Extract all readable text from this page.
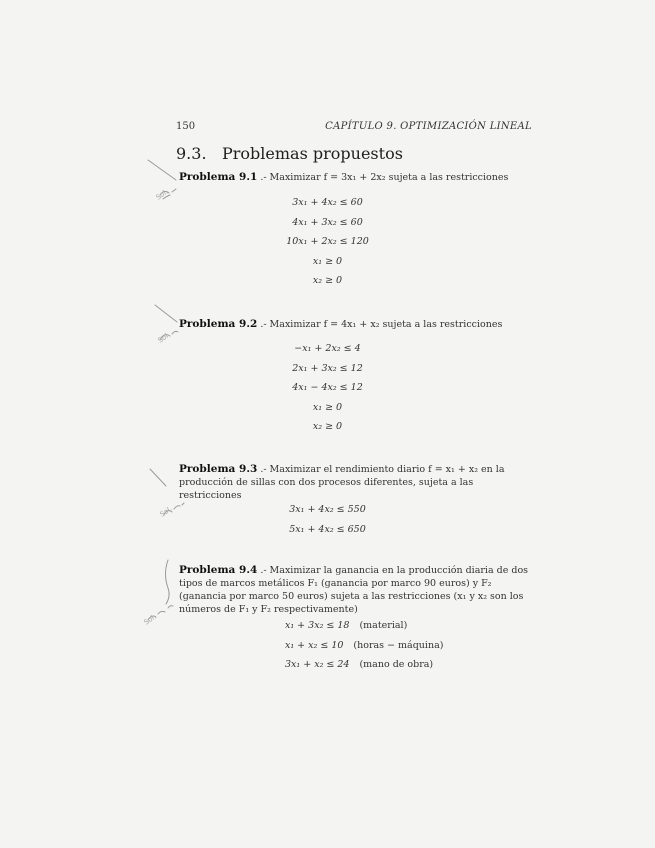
150	CAPÍTULO 9. OPTIMIZACIÓN LINEAL
9.3. Problemas propuestos
Problema 9.1 .- Maximizar f = 3x₁ + 2x₂ sujeta a las restricciones
3x₁ + 4x₂ ≤ 60
4x₁ + 3x₂ ≤ 60
10x₁ + 2x₂ ≤ 120
x₁ ≥ 0
x₂ ≥ 0
Problema 9.2 .- Maximizar f = 4x₁ + x₂ sujeta a las restricciones
−x₁ + 2x₂ ≤ 4
2x₁ + 3x₂ ≤ 12
4x₁ − 4x₂ ≤ 12
x₁ ≥ 0
x₂ ≥ 0
Problema 9.3 .- Maximizar el rendimiento diario f = x₁ + x₂ en la producción de sillas con dos procesos diferentes, sujeta a las restricciones
3x₁ + 4x₂ ≤ 550
5x₁ + 4x₂ ≤ 650
Problema 9.4 .- Maximizar la ganancia en la producción diaria de dos tipos de marcos metálicos F₁ (ganancia por marco 90 euros) y F₂ (ganancia por marco 50 euros) sujeta a las restricciones (x₁ y x₂ son los números de F₁ y F₂ respectivamente)
x₁ + 3x₂ ≤ 18 (material)
x₁ + x₂ ≤ 10 (horas − máquina)
3x₁ + x₂ ≤ 24 (mano de obra)
Sol.
Sol.
Sol.
Sol.
